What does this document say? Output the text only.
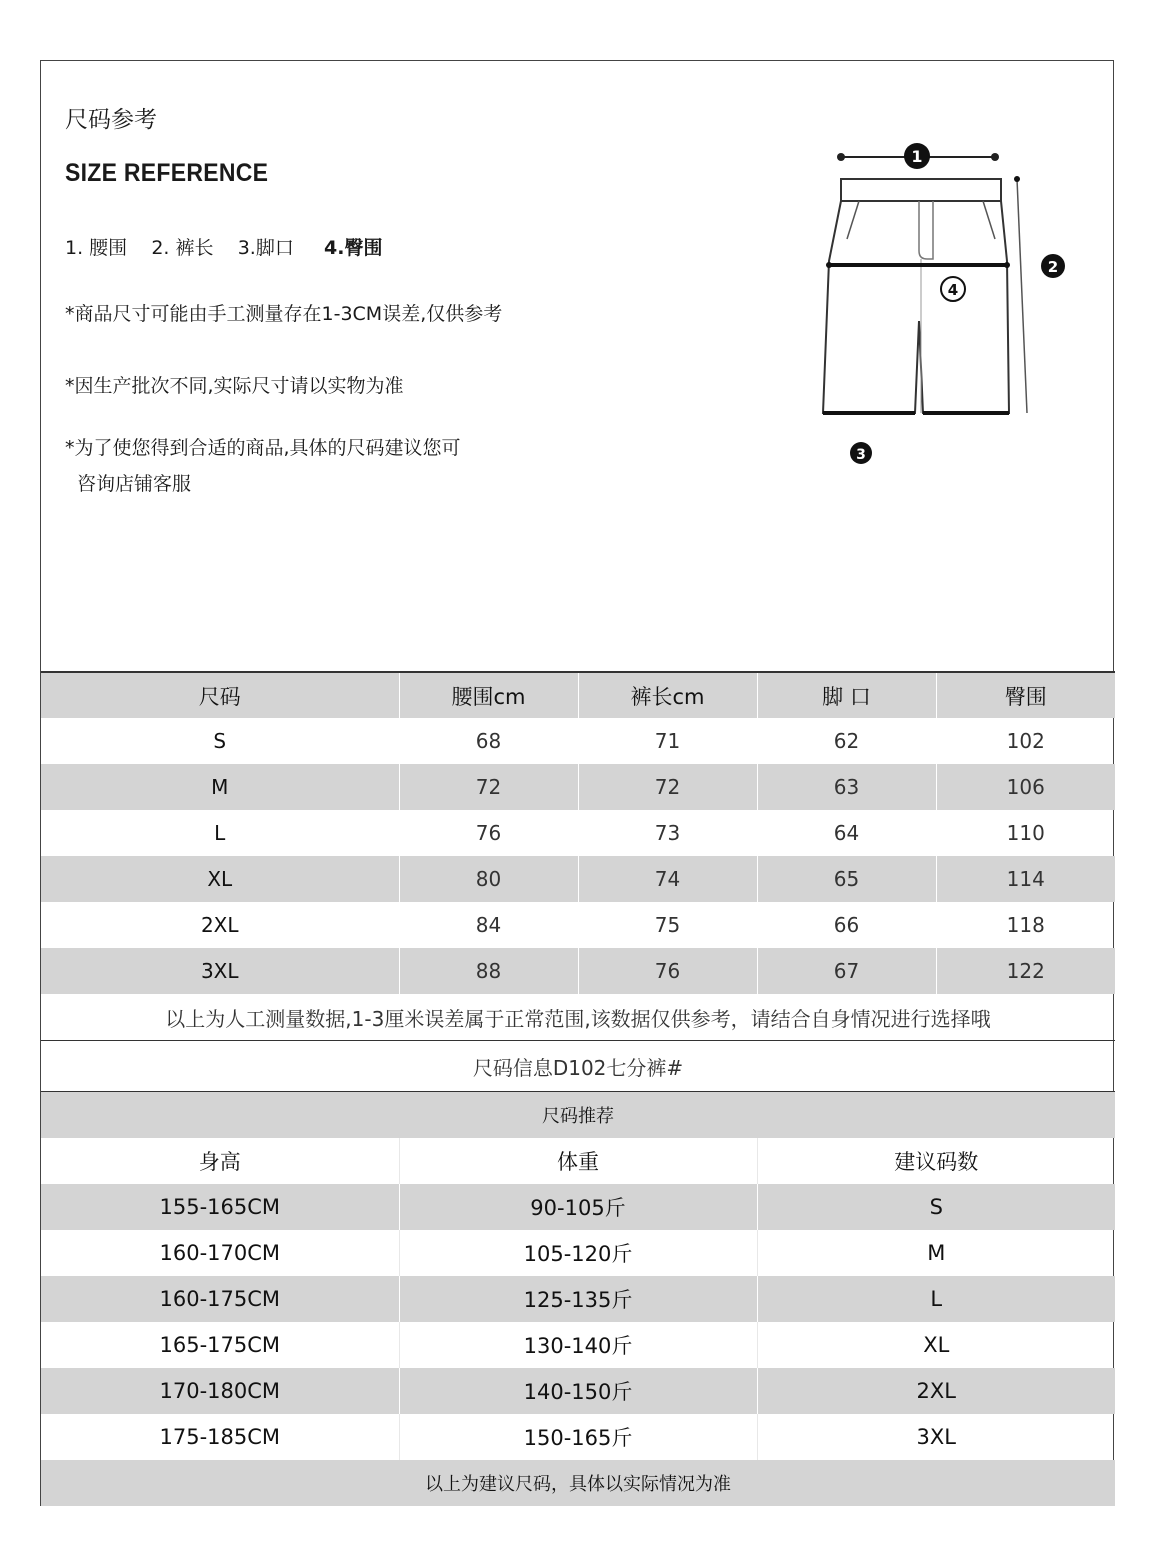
尺码参考
SIZE REFERENCE
1. 腰围 2. 裤长 3.脚口 4.臀围
*商品尺寸可能由手工测量存在1-3CM误差,仅供参考
*因生产批次不同,实际尺寸请以实物为准
*为了使您得到合适的商品,具体的尺码建议您可
咨询店铺客服
1
4
2
3
尺码	腰围cm	裤长cm	脚 口	臀围
S	68	71	62	102
M	72	72	63	106
L	76	73	64	110
XL	80	74	65	114
2XL	84	75	66	118
3XL	88	76	67	122
以上为人工测量数据,1-3厘米误差属于正常范围,该数据仅供参考，请结合自身情况进行选择哦				
尺码信息D102七分裤#				
尺码推荐		
身高	体重	建议码数
155-165CM	90-105斤	S
160-170CM	105-120斤	M
160-175CM	125-135斤	L
165-175CM	130-140斤	XL
170-180CM	140-150斤	2XL
175-185CM	150-165斤	3XL
以上为建议尺码，具体以实际情况为准		
